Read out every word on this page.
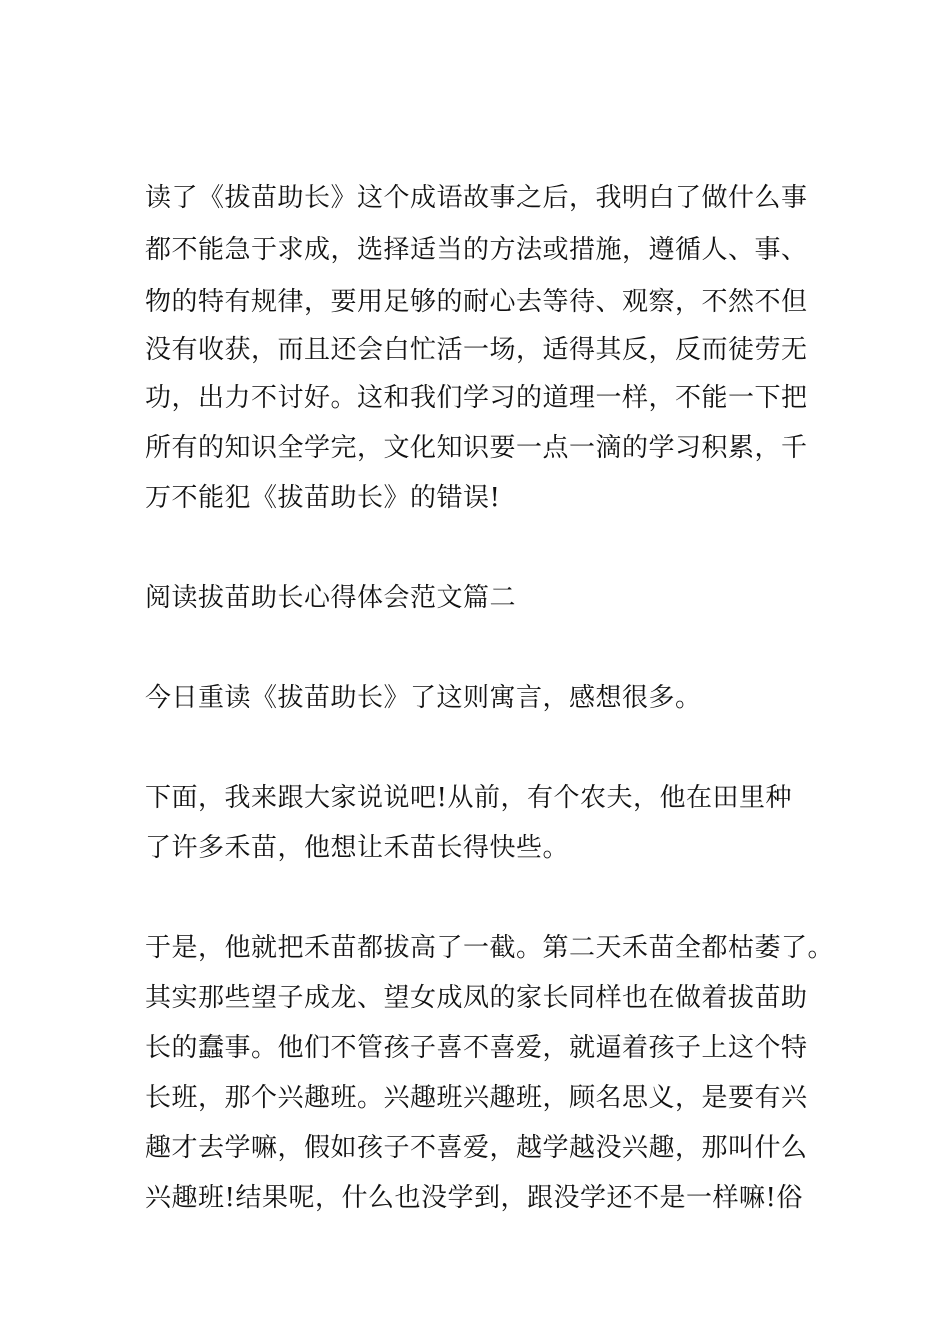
读了《拔苗助长》这个成语故事之后，我明白了做什么事
都不能急于求成，选择适当的方法或措施，遵循人、事、
物的特有规律，要用足够的耐心去等待、观察，不然不但
没有收获，而且还会白忙活一场，适得其反，反而徒劳无
功，出力不讨好。这和我们学习的道理一样，不能一下把
所有的知识全学完，文化知识要一点一滴的学习积累，千
万不能犯《拔苗助长》的错误!
阅读拔苗助长心得体会范文篇二
今日重读《拔苗助长》了这则寓言，感想很多。
下面，我来跟大家说说吧!从前，有个农夫，他在田里种
了许多禾苗，他想让禾苗长得快些。
于是，他就把禾苗都拔高了一截。第二天禾苗全都枯萎了。
其实那些望子成龙、望女成凤的家长同样也在做着拔苗助
长的蠢事。他们不管孩子喜不喜爱，就逼着孩子上这个特
长班，那个兴趣班。兴趣班兴趣班，顾名思义，是要有兴
趣才去学嘛，假如孩子不喜爱，越学越没兴趣，那叫什么
兴趣班!结果呢，什么也没学到，跟没学还不是一样嘛!俗
